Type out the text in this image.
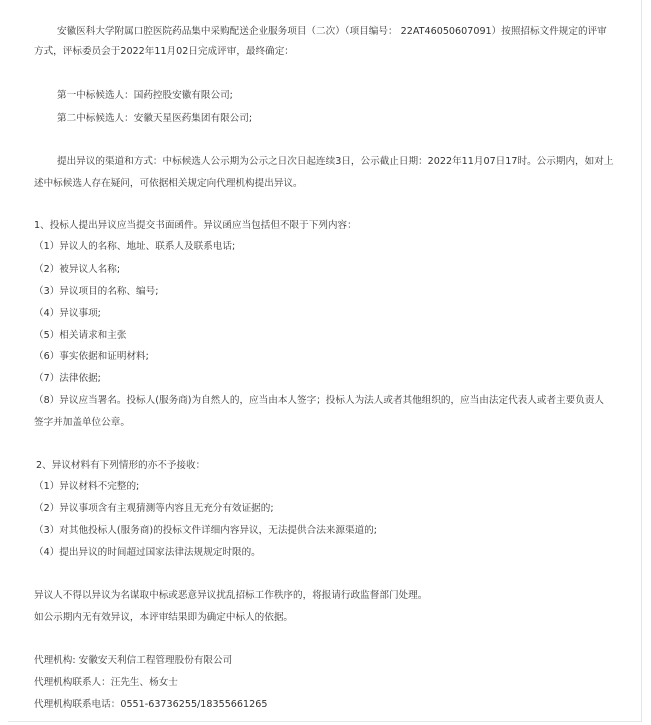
安徽医科大学附属口腔医院药品集中采购配送企业服务项目（二次）（项目编号： 22AT46050607091）按照招标文件规定的评审
方式，评标委员会于2022年11月02日完成评审，最终确定：
第一中标候选人：国药控股安徽有限公司;
第二中标候选人：安徽天星医药集团有限公司;
提出异议的渠道和方式：中标候选人公示期为公示之日次日起连续3日，公示截止日期：2022年11月07日17时。公示期内，如对上
述中标候选人存在疑问，可依据相关规定向代理机构提出异议。
1、投标人提出异议应当提交书面函件。异议函应当包括但不限于下列内容：
（1）异议人的名称、地址、联系人及联系电话;
（2）被异议人名称;
（3）异议项目的名称、编号;
（4）异议事项;
（5）相关请求和主张
（6）事实依据和证明材料;
（7）法律依据;
（8）异议应当署名。投标人(服务商)为自然人的，应当由本人签字；投标人为法人或者其他组织的，应当由法定代表人或者主要负责人
签字并加盖单位公章。
2、异议材料有下列情形的亦不予接收：
（1）异议材料不完整的;
（2）异议事项含有主观猜测等内容且无充分有效证据的;
（3）对其他投标人(服务商)的投标文件详细内容异议，无法提供合法来源渠道的;
（4）提出异议的时间超过国家法律法规规定时限的。
异议人不得以异议为名谋取中标或恶意异议扰乱招标工作秩序的，将报请行政监督部门处理。
如公示期内无有效异议，本评审结果即为确定中标人的依据。
代理机构: 安徽安天利信工程管理股份有限公司
代理机构联系人：汪先生、杨女士
代理机构联系电话：0551-63736255/18355661265
